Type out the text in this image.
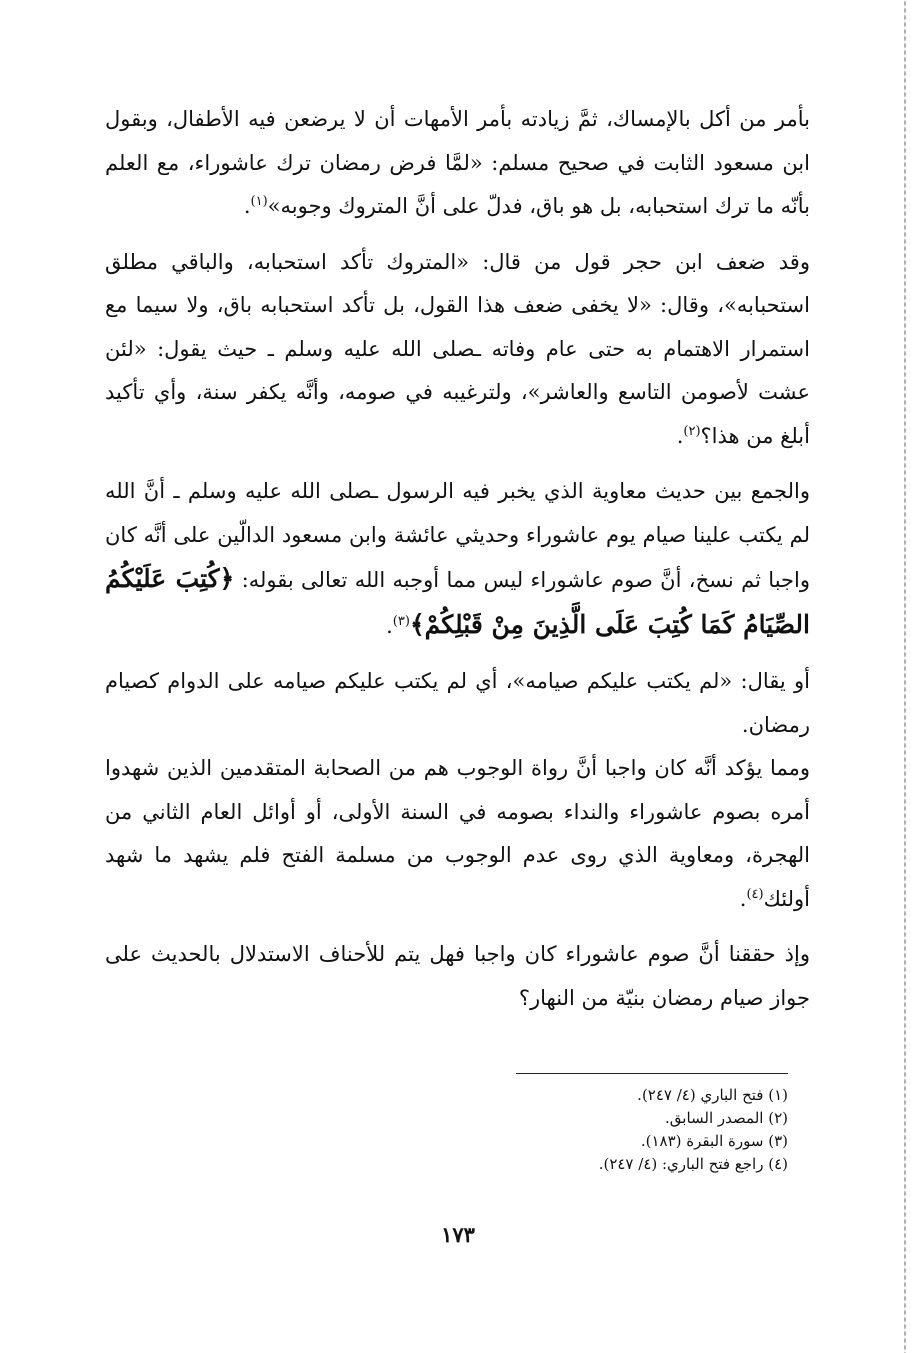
بأمر من أكل بالإمساك، ثمَّ زيادته بأمر الأمهات أن لا يرضعن فيه الأطفال، وبقول ابن مسعود الثابت في صحيح مسلم: «لمَّا فرض رمضان ترك عاشوراء، مع العلم بأنّه ما ترك استحبابه، بل هو باق، فدلّ على أنَّ المتروك وجوبه»$^{(١)}$.

وقد ضعف ابن حجر قول من قال: «المتروك تأكد استحبابه، والباقي مطلق استحبابه»، وقال: «لا يخفى ضعف هذا القول، بل تأكد استحبابه باق، ولا سيما مع استمرار الاهتمام به حتى عام وفاته ـصلى الله عليه وسلم ـ حيث يقول: «لئن عشت لأصومن التاسع والعاشر»، ولترغيبه في صومه، وأنَّه يكفر سنة، وأي تأكيد أبلغ من هذا؟$^{(٢)}$.

والجمع بين حديث معاوية الذي يخبر فيه الرسول ـصلى الله عليه وسلم ـ أنَّ الله لم يكتب علينا صيام يوم عاشوراء وحديثي عائشة وابن مسعود الدالّين على أنَّه كان واجبا ثم نسخ، أنَّ صوم عاشوراء ليس مما أوجبه الله تعالى بقوله: ﴿كُتِبَ عَلَيْكُمُ الصِّيَامُ كَمَا كُتِبَ عَلَى الَّذِينَ مِنْ قَبْلِكُمْ﴾$^{(٣)}$.

أو يقال: «لم يكتب عليكم صيامه»، أي لم يكتب عليكم صيامه على الدوام كصيام رمضان.

ومما يؤكد أنَّه كان واجبا أنَّ رواة الوجوب هم من الصحابة المتقدمين الذين شهدوا أمره بصوم عاشوراء والنداء بصومه في السنة الأولى، أو أوائل العام الثاني من الهجرة، ومعاوية الذي روى عدم الوجوب من مسلمة الفتح فلم يشهد ما شهد أولئك$^{(٤)}$.

وإذ حققنا أنَّ صوم عاشوراء كان واجبا فهل يتم للأحناف الاستدلال بالحديث على جواز صيام رمضان بنيّة من النهار؟

(١) فتح الباري (٤/ ٢٤٧).
(٢) المصدر السابق.
(٣) سورة البقرة (١٨٣).
(٤) راجع فتح الباري: (٤/ ٢٤٧).
١٧٣
